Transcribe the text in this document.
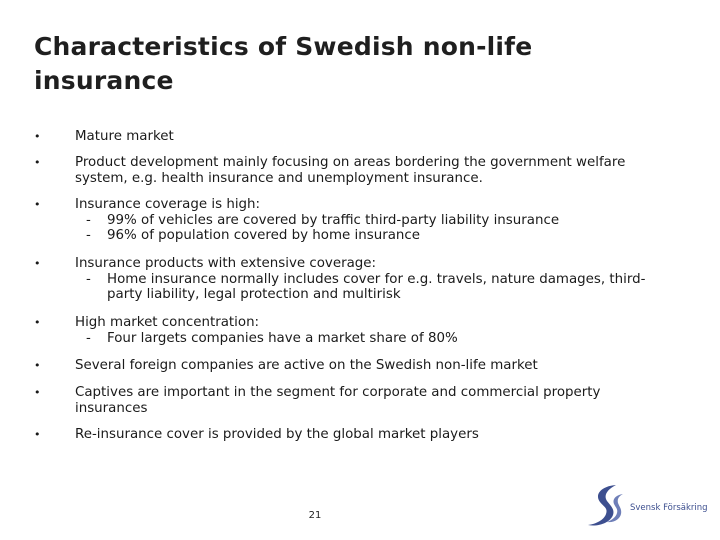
Characteristics of Swedish non-life insurance
•	Mature market
•	Product development mainly focusing on areas bordering the government welfare system, e.g. health insurance and unemployment insurance.
•	Insurance coverage is high:
- 99% of vehicles are covered by traffic third-party liability insurance
- 96% of population covered by home insurance
•	Insurance products with extensive coverage:
- Home insurance normally includes cover for e.g. travels, nature damages, third-party liability, legal protection and multirisk
•	High market concentration:
- Four largets companies have a market share of 80%
•	Several foreign companies are active on the Swedish non-life market
•	Captives are important in the segment for corporate and commercial property insurances
•	Re-insurance cover is provided by the global market players
21
Svensk Försäkring
